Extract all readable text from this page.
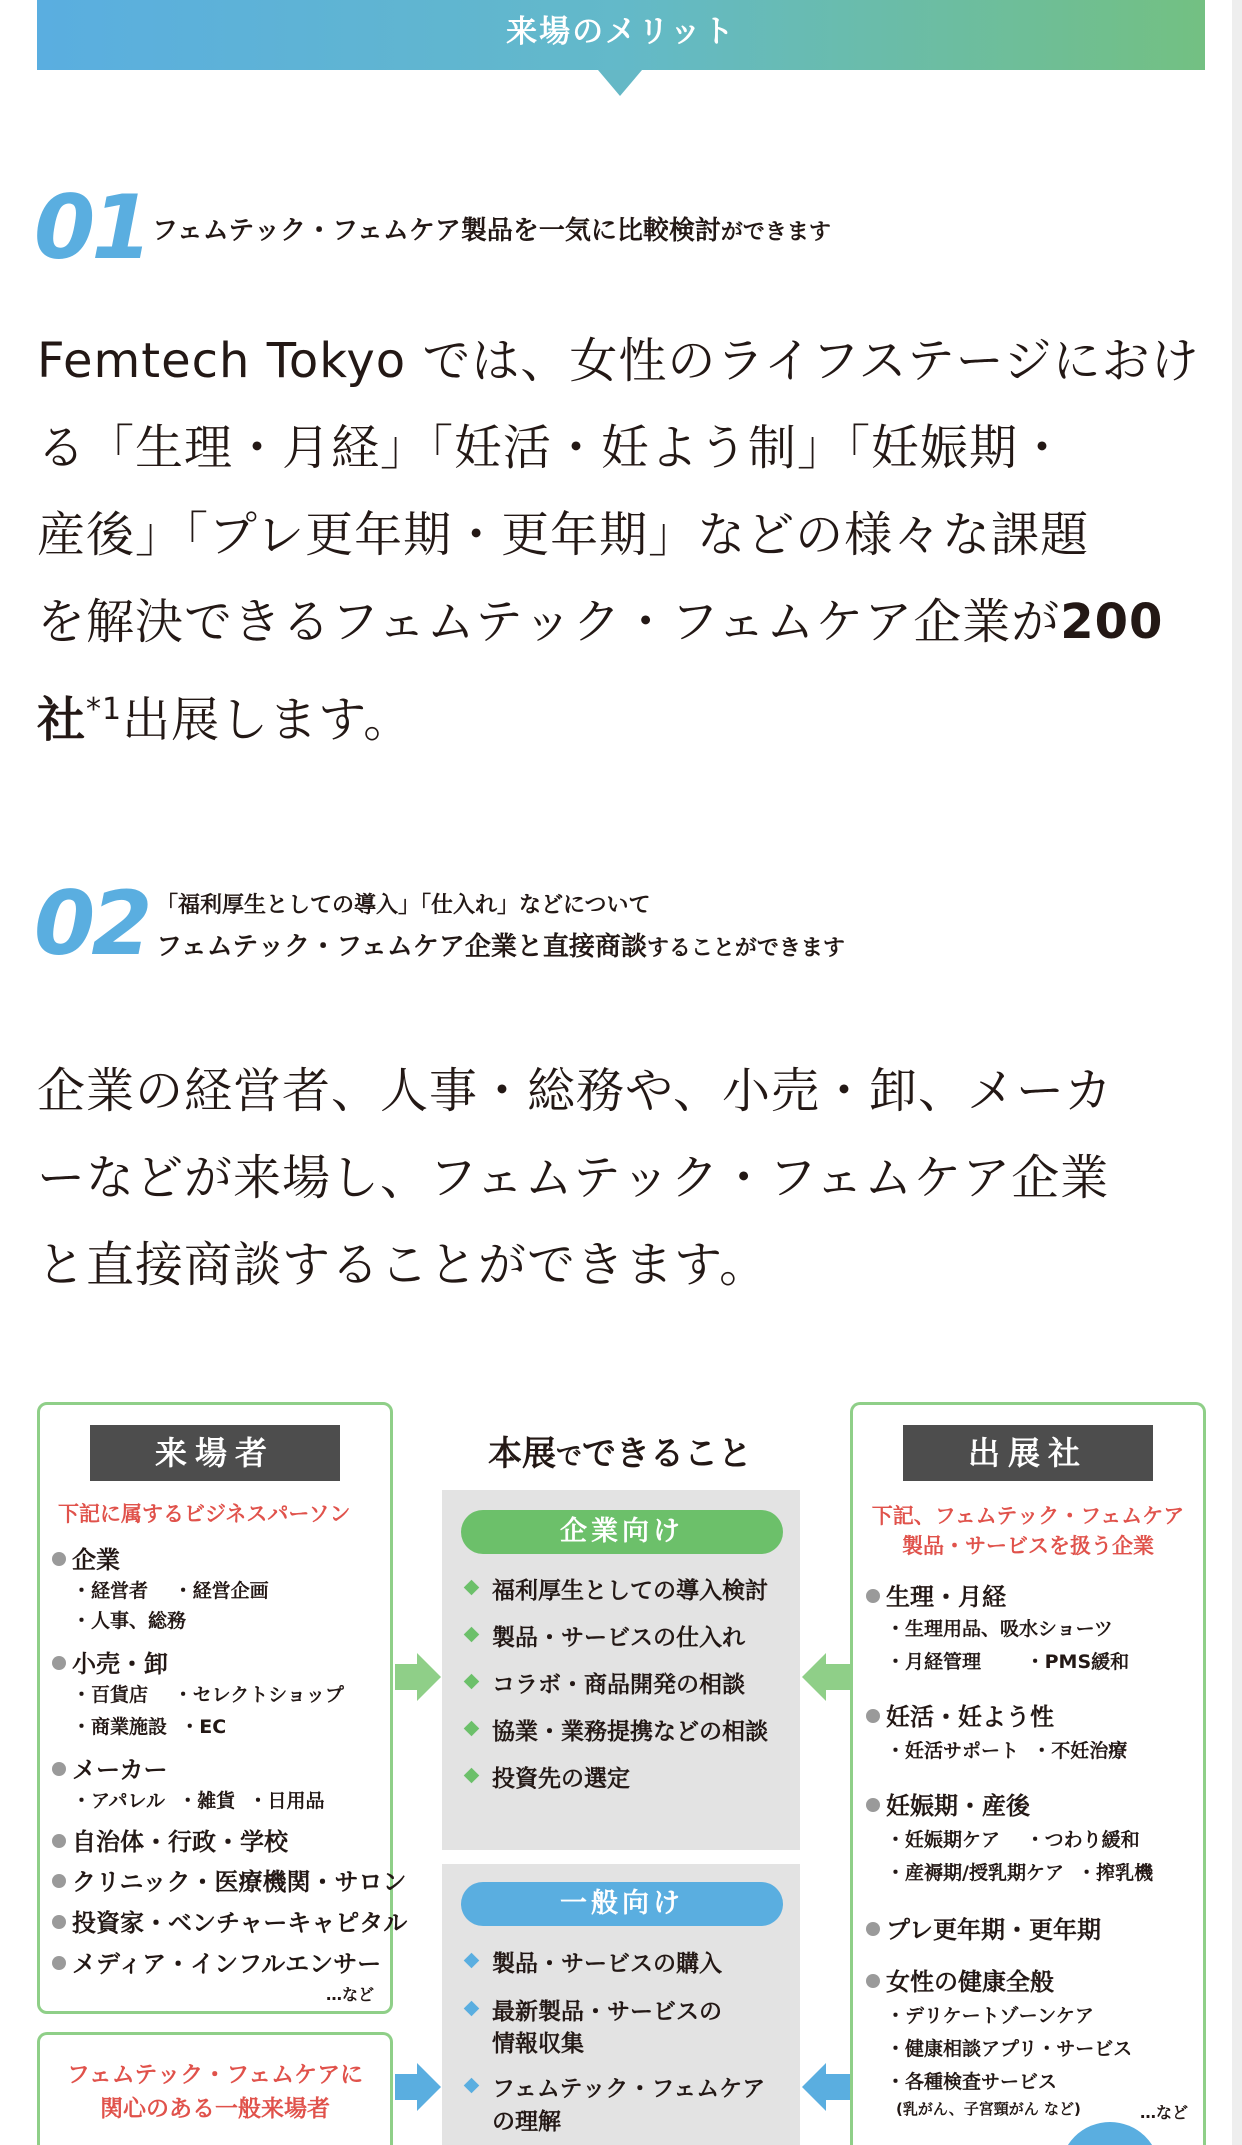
来場のメリット
01 フェムテック・フェムケア製品を一気に比較検討ができます
Femtech Tokyo では、女性のライフステージにおけ
る「生理・月経」「妊活・妊よう制」「妊娠期・
産後」「プレ更年期・更年期」などの様々な課題
を解決できるフェムテック・フェムケア企業が200
社$^{*1}$出展します。
02 「福利厚生としての導入」「仕入れ」などについて
フェムテック・フェムケア企業と直接商談することができます
企業の経営者、人事・総務や、小売・卸、メーカ
ーなどが来場し、フェムテック・フェムケア企業
と直接商談することができます。
来場者
下記に属するビジネスパーソン
企業
・経営者　 ・経営企画
・人事、総務
小売・卸
・百貨店　 ・セレクトショップ
・商業施設  ・EC
メーカー
・アパレル  ・雑貨  ・日用品
自治体・行政・学校
クリニック・医療機関・サロン
投資家・ベンチャーキャピタル
メディア・インフルエンサー
…など
フェムテック・フェムケアに
関心のある一般来場者
本展でできること
企業向け
福利厚生としての導入検討
製品・サービスの仕入れ
コラボ・商品開発の相談
協業・業務提携などの相談
投資先の選定
一般向け
製品・サービスの購入
最新製品・サービスの
情報収集
フェムテック・フェムケア
の理解
出展社
下記、フェムテック・フェムケア
製品・サービスを扱う企業
生理・月経
・生理用品、吸水ショーツ
・月経管理　　 ・PMS緩和
妊活・妊よう性
・妊活サポート  ・不妊治療
妊娠期・産後
・妊娠期ケア　 ・つわり緩和
・産褥期/授乳期ケア  ・搾乳機
プレ更年期・更年期
女性の健康全般
・デリケートゾーンケア
・健康相談アプリ・サービス
・各種検査サービス
(乳がん、子宮頸がん など)	…など
